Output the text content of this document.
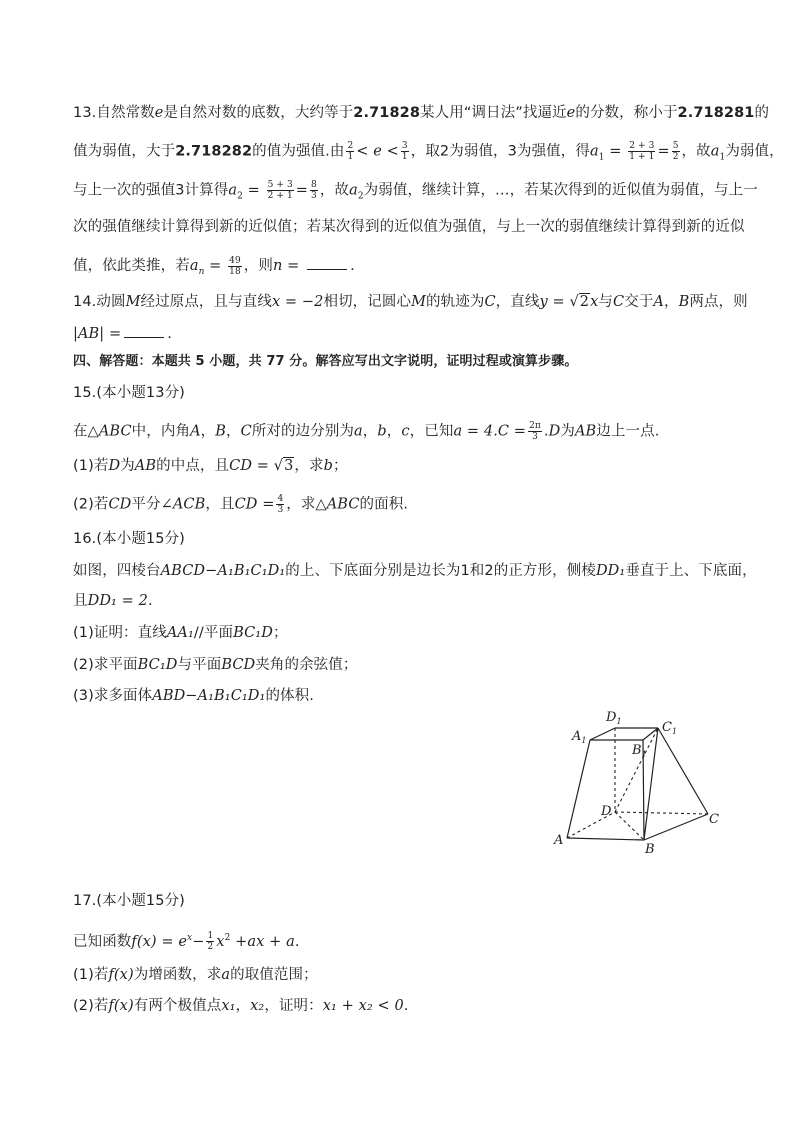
13.自然常数e是自然对数的底数，大约等于2.71828某人用“调日法”找逼近e的分数，称小于2.718281的
值为弱值，大于2.718282的值为强值.由 $\frac{2}{1} < e < \frac{3}{1}$ ，取2为弱值，3为强值，得$a_1 = \frac{2 + 3}{1 + 1} = \frac{5}{2}$ ，故$a_1$为弱值，
与上一次的强值3计算得$a_2 = \frac{5 + 3}{2 + 1} = \frac{8}{3}$ ，故$a_2$为弱值，继续计算，…，若某次得到的近似值为弱值，与上一
次的强值继续计算得到新的近似值；若某次得到的近似值为强值，与上一次的弱值继续计算得到新的近似
值，依此类推，若$a_n = \frac{49}{18}$ ，则n =	.
14.动圆M经过原点，且与直线x = −2相切，记圆心M的轨迹为C，直线y = √2x与C交于A，B两点，则
|AB| =	.
四、解答题：本题共 5 小题，共 77 分。解答应写出文字说明，证明过程或演算步骤。
15.(本小题13分)
在△ABC中，内角A，B，C所对的边分别为a，b，c，已知$a = 4.C = \frac{2\pi}{3} .D$为AB边上一点.
(1)若D为AB的中点，且CD = √3，求b；
(2)若CD平分∠ACB，且CD = $\frac{4}{3}$ ，求△ABC的面积.
16.(本小题15分)
如图，四棱台ABCD−A₁B₁C₁D₁的上、下底面分别是边长为1和2的正方形，侧棱DD₁垂直于上、下底面，
且DD₁ = 2.
(1)证明：直线AA₁//平面BC₁D；
(2)求平面BC₁D与平面BCD夹角的余弦值；
(3)求多面体ABD−A₁B₁C₁D₁的体积.
$A_1$
$B_1$
$D_1$	$C_1$
A
B
C
D
17.(本小题15分)
已知函数$f(x) = e^x- \frac{1}{2} x^2 +ax + a$.
(1)若f(x)为增函数，求a的取值范围；
(2)若f(x)有两个极值点x₁，x₂，证明：x₁ + x₂ < 0.
